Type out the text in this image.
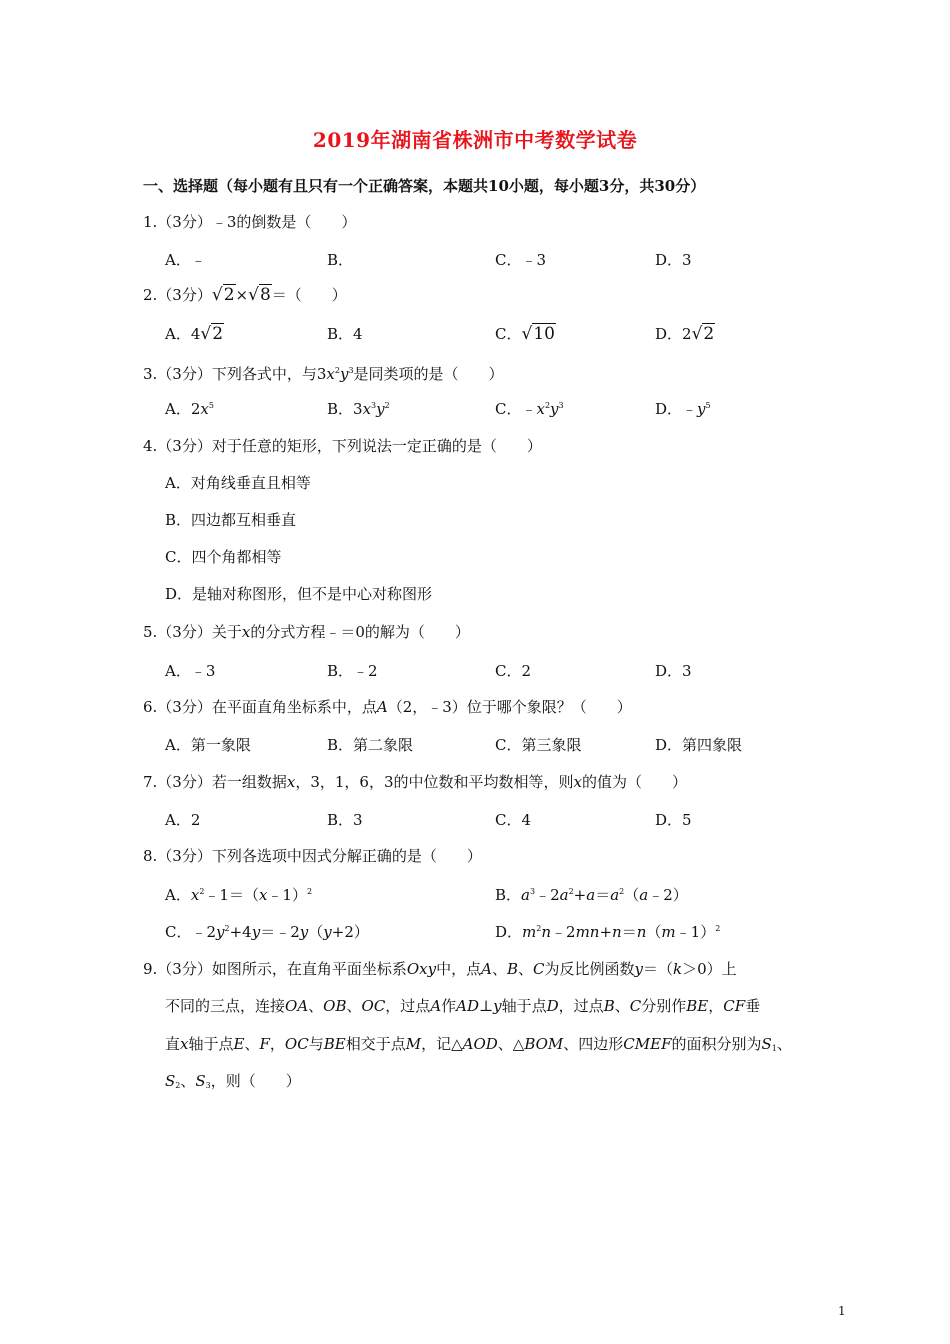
2019年湖南省株洲市中考数学试卷
一、选择题（每小题有且只有一个正确答案，本题共10小题，每小题3分，共30分）
1.（3分）﹣3的倒数是（　　）
A．﹣	B．	C．﹣3	D．3
2.（3分）√2×√8＝（　　）
A．4√2	B．4	C．√10	D．2√2
3.（3分）下列各式中，与$3x^2y^3$是同类项的是（　　）
A．$2x^5$	B．$3x^3y^2$	C．$﹣x^2y^3$	D．$﹣y^5$
4.（3分）对于任意的矩形，下列说法一定正确的是（　　）
A．对角线垂直且相等
B．四边都互相垂直
C．四个角都相等
D．是轴对称图形，但不是中心对称图形
5.（3分）关于x的分式方程﹣＝0的解为（　　）
A．﹣3	B．﹣2	C．2	D．3
6.（3分）在平面直角坐标系中，点A（2，﹣3）位于哪个象限？（　　）
A．第一象限	B．第二象限	C．第三象限	D．第四象限
7.（3分）若一组数据x，3，1，6，3的中位数和平均数相等，则x的值为（　　）
A．2	B．3	C．4	D．5
8.（3分）下列各选项中因式分解正确的是（　　）
A．$x^2﹣1=(x﹣1)^2$	B．$a^3﹣2a^2+a=a^2(a﹣2)$
C．$﹣2y^2+4y=﹣2y(y+2)$	D．$m^2n﹣2mn+n=n(m﹣1)^2$
9.（3分）如图所示，在直角平面坐标系Oxy中，点A、B、C为反比例函数y＝（k＞0）上
不同的三点，连接OA、OB、OC，过点A作AD⊥y轴于点D，过点B、C分别作BE，CF垂
直x轴于点E、F，OC与BE相交于点M，记△AOD、△BOM、四边形CMEF的面积分别为$S_1$、
$S_2$、$S_3$，则（　　）
1
